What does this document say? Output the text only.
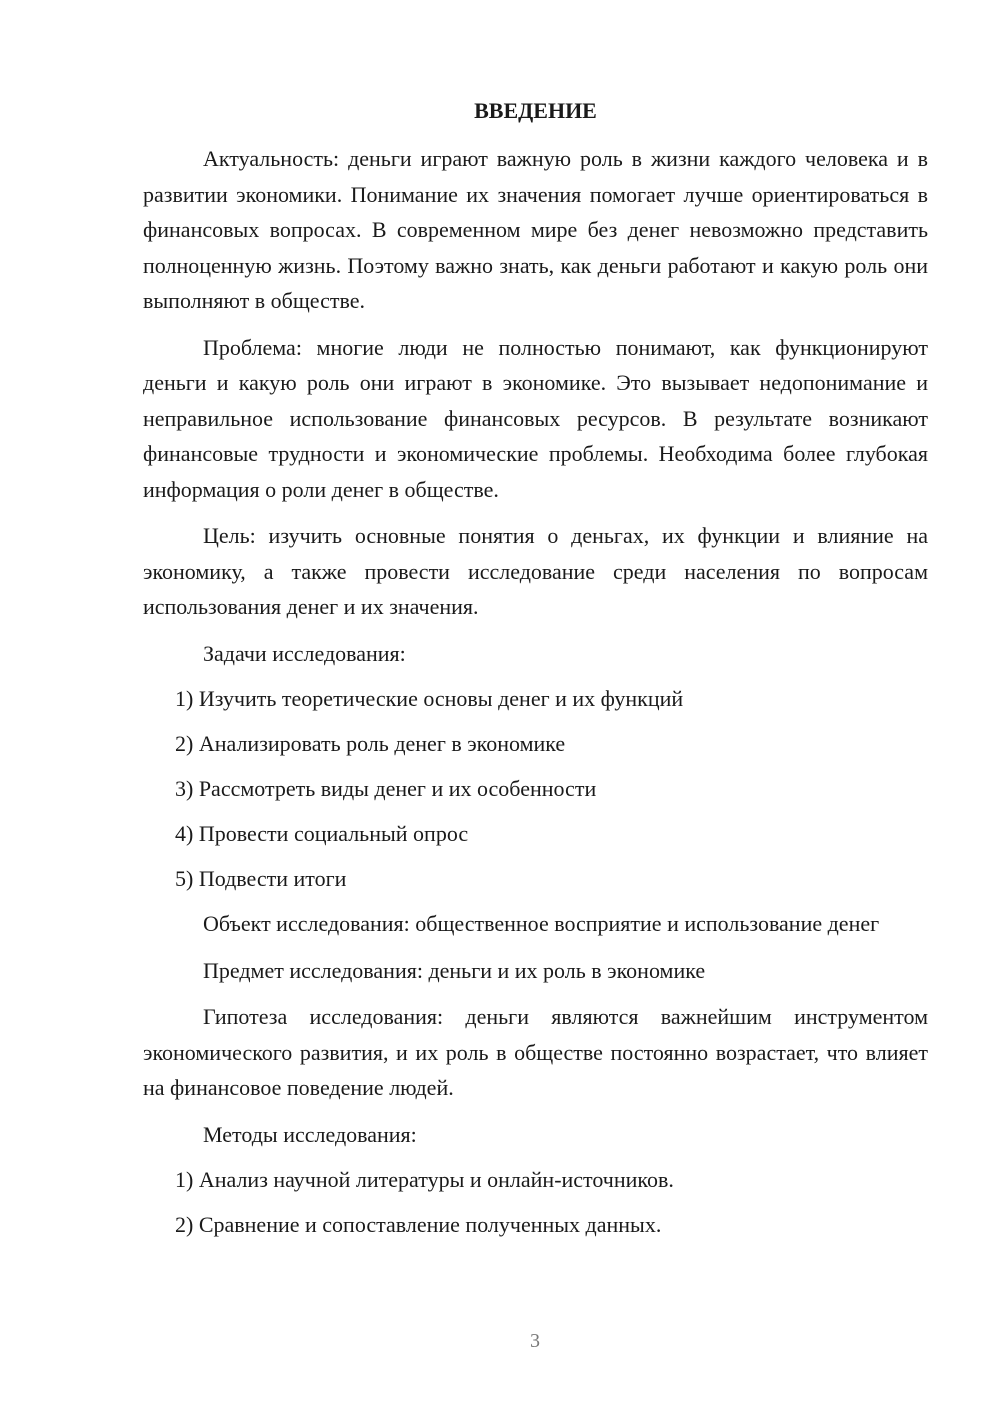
ВВЕДЕНИЕ

Актуальность: деньги играют важную роль в жизни каждого человека и в развитии экономики. Понимание их значения помогает лучше ориентироваться в финансовых вопросах. В современном мире без денег невозможно представить полноценную жизнь. Поэтому важно знать, как деньги работают и какую роль они выполняют в обществе.

Проблема: многие люди не полностью понимают, как функционируют деньги и какую роль они играют в экономике. Это вызывает недопонимание и неправильное использование финансовых ресурсов. В результате возникают финансовые трудности и экономические проблемы. Необходима более глубокая информация о роли денег в обществе.

Цель: изучить основные понятия о деньгах, их функции и влияние на экономику, а также провести исследование среди населения по вопросам использования денег и их значения.

Задачи исследования:
1) Изучить теоретические основы денег и их функций
2) Анализировать роль денег в экономике
3) Рассмотреть виды денег и их особенности
4) Провести социальный опрос
5) Подвести итоги

Объект исследования: общественное восприятие и использование денег

Предмет исследования: деньги и их роль в экономике

Гипотеза исследования: деньги являются важнейшим инструментом экономического развития, и их роль в обществе постоянно возрастает, что влияет на финансовое поведение людей.

Методы исследования:
1) Анализ научной литературы и онлайн-источников.
2) Сравнение и сопоставление полученных данных.
3
